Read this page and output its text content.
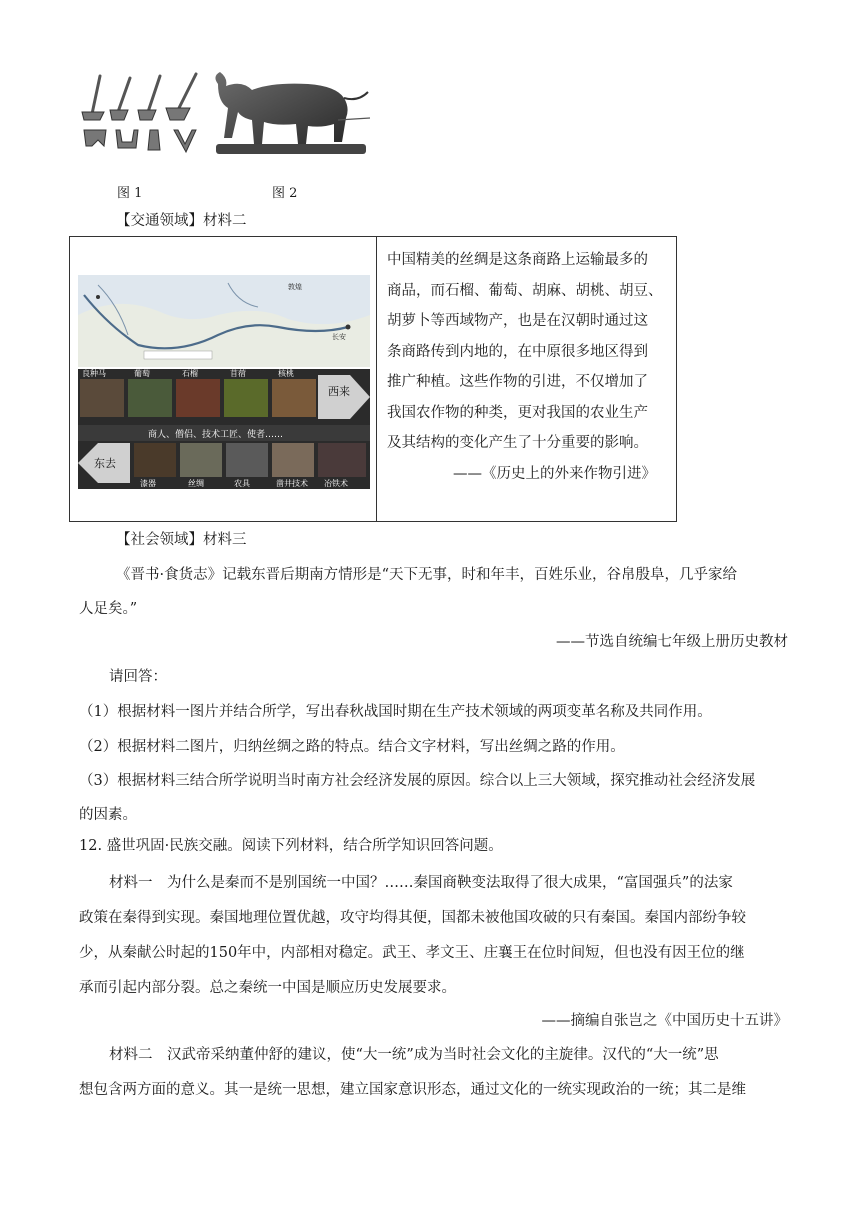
图 1	图 2
【交通领域】材料二
长安
敦煌
良种马	葡萄	石榴	苜蓿	核桃
西来
商人、僧侣、技术工匠、使者……
东去
漆器	丝绸	农具	凿井技术 冶铁术
中国精美的丝绸是这条商路上运输最多的
商品，而石榴、葡萄、胡麻、胡桃、胡豆、
胡萝卜等西域物产，也是在汉朝时通过这
条商路传到内地的，在中原很多地区得到
推广种植。这些作物的引进，不仅增加了
我国农作物的种类，更对我国的农业生产
及其结构的变化产生了十分重要的影响。
——《历史上的外来作物引进》
【社会领域】材料三
《晋书·食货志》记载东晋后期南方情形是“天下无事，时和年丰，百姓乐业，谷帛殷阜，几乎家给
人足矣。”
——节选自统编七年级上册历史教材
请回答：
（1）根据材料一图片并结合所学，写出春秋战国时期在生产技术领域的两项变革名称及共同作用。
（2）根据材料二图片，归纳丝绸之路的特点。结合文字材料，写出丝绸之路的作用。
（3）根据材料三结合所学说明当时南方社会经济发展的原因。综合以上三大领域，探究推动社会经济发展
的因素。
12. 盛世巩固·民族交融。阅读下列材料，结合所学知识回答问题。
材料一　为什么是秦而不是别国统一中国？……秦国商鞅变法取得了很大成果，“富国强兵”的法家
政策在秦得到实现。秦国地理位置优越，攻守均得其便，国都未被他国攻破的只有秦国。秦国内部纷争较
少，从秦献公时起的150年中，内部相对稳定。武王、孝文王、庄襄王在位时间短，但也没有因王位的继
承而引起内部分裂。总之秦统一中国是顺应历史发展要求。
——摘编自张岂之《中国历史十五讲》
材料二　汉武帝采纳董仲舒的建议，使“大一统”成为当时社会文化的主旋律。汉代的“大一统”思
想包含两方面的意义。其一是统一思想，建立国家意识形态，通过文化的一统实现政治的一统；其二是维
